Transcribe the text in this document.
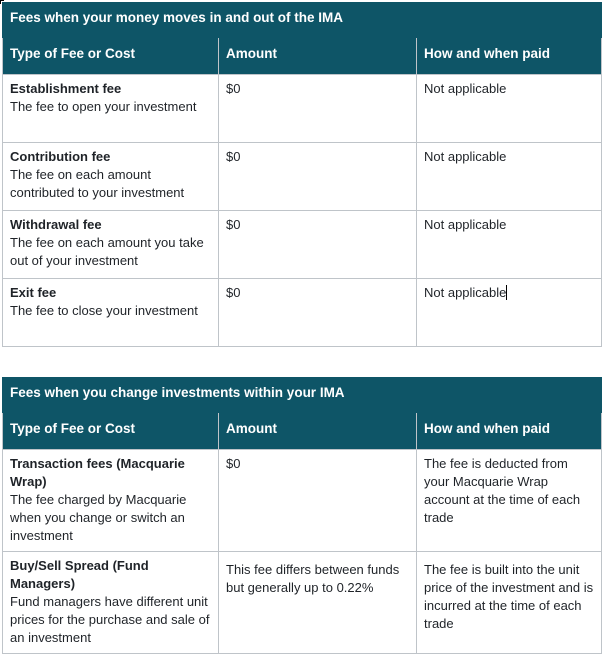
Fees when your money moves in and out of the IMA		
Type of Fee or Cost	Amount	How and when paid

Establishment fee
The fee to open your investment	$0	Not applicable

Contribution fee
The fee on each amount contributed to your investment	$0	Not applicable

Withdrawal fee
The fee on each amount you take out of your investment	$0	Not applicable

Exit fee
The fee to close your investment	$0	Not applicable
Fees when you change investments within your IMA		
Type of Fee or Cost	Amount	How and when paid

Transaction fees (Macquarie Wrap)
The fee charged by Macquarie when you change or switch an investment	$0	The fee is deducted from your Macquarie Wrap account at the time of each trade

Buy/Sell Spread (Fund Managers)
Fund managers have different unit prices for the purchase and sale of an investment	This fee differs between funds but generally up to 0.22%	The fee is built into the unit price of the investment and is incurred at the time of each trade
